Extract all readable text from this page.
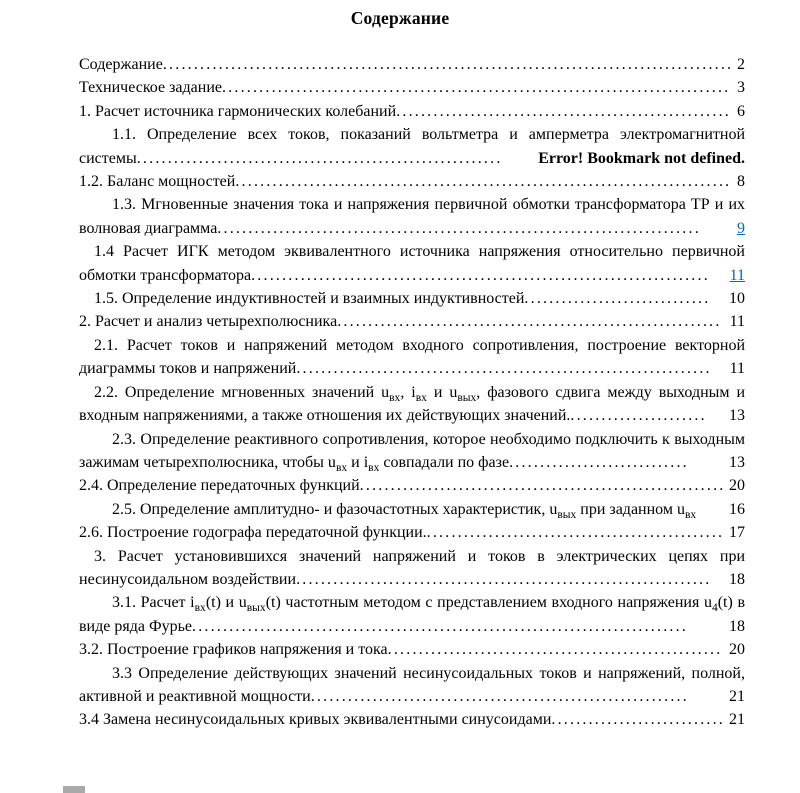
Содержание
Содержание............................................................................................ 2
Техническое задание.................................................................................. 3
1. Расчет источника гармонических колебаний...................................................... 6
1.1. Определение всех токов, показаний вольтметра и амперметра электромагнитной системы...........................................................	Error! Bookmark not defined.
1.2. Баланс мощностей................................................................................ 8
1.3. Мгновенные значения тока и напряжения первичной обмотки трансформатора ТР и их волновая диаграмма..............................................................................	9
1.4 Расчет ИГК методом эквивалентного источника напряжения относительно первичной обмотки трансформатора..........................................................................	11
1.5. Определение индуктивностей и взаимных индуктивностей..............................	10
2. Расчет и анализ четырехполюсника.............................................................. 11
2.1. Расчет токов и напряжений методом входного сопротивления, построение векторной диаграммы токов и напряжений...................................................................	11
2.2. Определение мгновенных значений $u_{вх}$, $i_{вх}$ и $u_{вых}$, фазового сдвига между выходным и входным напряжениями, а также отношения их действующих значений.......................	13
2.3. Определение реактивного сопротивления, которое необходимо подключить к выходным зажимам четырехполюсника, чтобы $u_{вх}$ и $i_{вх}$ совпадали по фазе.............................	13
2.4. Определение передаточных функций........................................................... 20
2.5. Определение амплитудно- и фазочастотных характеристик, $u_{вых}$ при заданном $u_{вх}$	16
2.6. Построение годографа передаточной функции................................................. 17
3. Расчет установившихся значений напряжений и токов в электрических цепях при несинусоидальном воздействии...................................................................	18
3.1. Расчет $i_{вх}(t)$ и $u_{вых}(t)$ частотным методом с представлением входного напряжения $u_4(t)$ в виде ряда Фурье................................................................................	18
3.2. Построение графиков напряжения и тока...................................................... 20
3.3 Определение действующих значений несинусоидальных токов и напряжений, полной, активной и реактивной мощности.............................................................	21
3.4 Замена несинусоидальных кривых эквивалентными синусоидами............................ 21
